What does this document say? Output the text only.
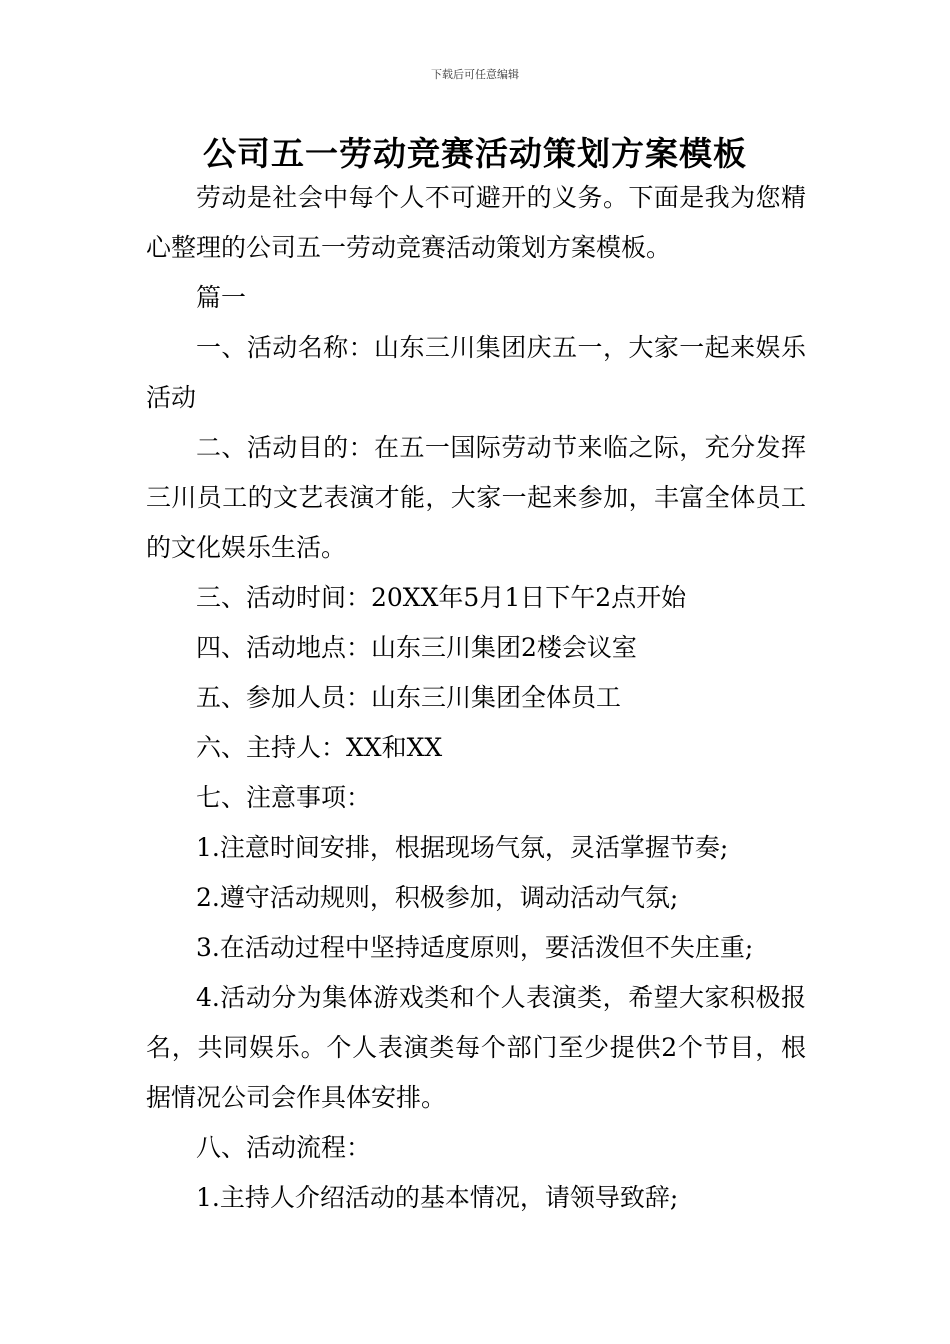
下载后可任意编辑
公司五一劳动竞赛活动策划方案模板

劳动是社会中每个人不可避开的义务。下面是我为您精心整理的公司五一劳动竞赛活动策划方案模板。

篇一

一、活动名称：山东三川集团庆五一，大家一起来娱乐活动

二、活动目的：在五一国际劳动节来临之际，充分发挥三川员工的文艺表演才能，大家一起来参加，丰富全体员工的文化娱乐生活。

三、活动时间：20XX年5月1日下午2点开始

四、活动地点：山东三川集团2楼会议室

五、参加人员：山东三川集团全体员工

六、主持人：XX和XX

七、注意事项：

1.注意时间安排，根据现场气氛，灵活掌握节奏;

2.遵守活动规则，积极参加，调动活动气氛;

3.在活动过程中坚持适度原则，要活泼但不失庄重;

4.活动分为集体游戏类和个人表演类，希望大家积极报名，共同娱乐。个人表演类每个部门至少提供2个节目，根据情况公司会作具体安排。

八、活动流程：

1.主持人介绍活动的基本情况，请领导致辞;
